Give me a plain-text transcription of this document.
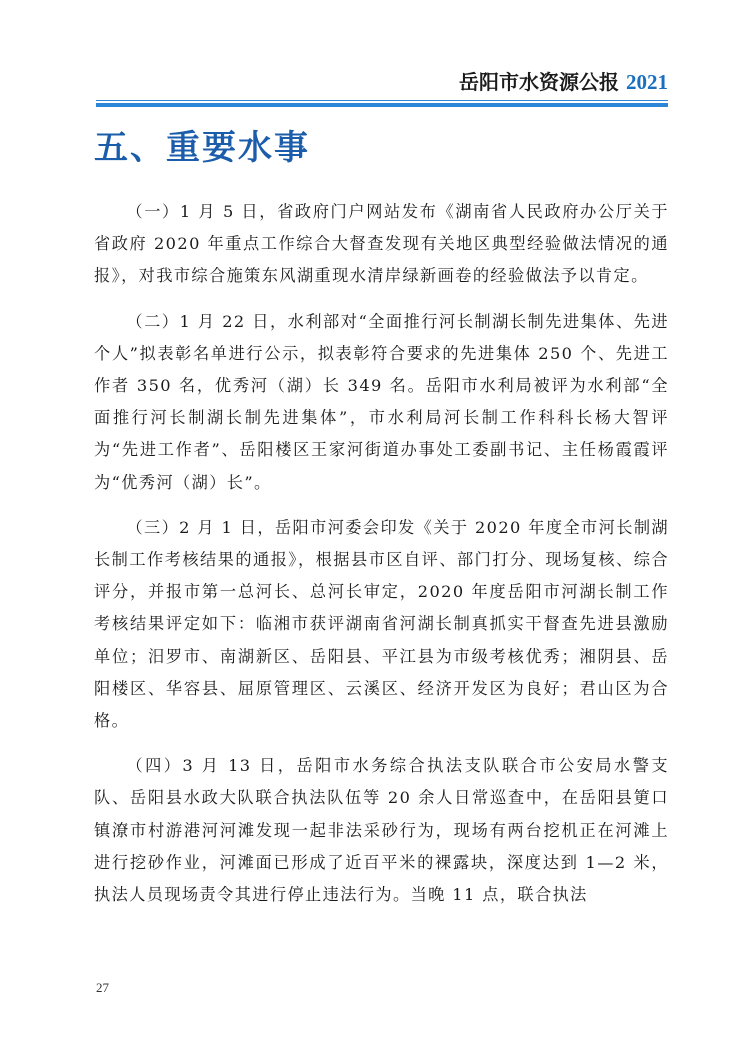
岳阳市水资源公报 2021
五、重要水事

（一）1 月 5 日，省政府门户网站发布《湖南省人民政府办公厅关于省政府 2020 年重点工作综合大督查发现有关地区典型经验做法情况的通报》，对我市综合施策东风湖重现水清岸绿新画卷的经验做法予以肯定。

（二）1 月 22 日，水利部对“全面推行河长制湖长制先进集体、先进个人”拟表彰名单进行公示，拟表彰符合要求的先进集体 250 个、先进工作者 350 名，优秀河（湖）长 349 名。岳阳市水利局被评为水利部“全面推行河长制湖长制先进集体”，市水利局河长制工作科科长杨大智评为“先进工作者”、岳阳楼区王家河街道办事处工委副书记、主任杨霞霞评为“优秀河（湖）长”。

（三）2 月 1 日，岳阳市河委会印发《关于 2020 年度全市河长制湖长制工作考核结果的通报》，根据县市区自评、部门打分、现场复核、综合评分，并报市第一总河长、总河长审定，2020 年度岳阳市河湖长制工作考核结果评定如下：临湘市获评湖南省河湖长制真抓实干督查先进县激励单位；汨罗市、南湖新区、岳阳县、平江县为市级考核优秀；湘阴县、岳阳楼区、华容县、屈原管理区、云溪区、经济开发区为良好；君山区为合格。

（四）3 月 13 日，岳阳市水务综合执法支队联合市公安局水警支队、岳阳县水政大队联合执法队伍等 20 余人日常巡查中，在岳阳县筻口镇潦市村游港河河滩发现一起非法采砂行为，现场有两台挖机正在河滩上进行挖砂作业，河滩面已形成了近百平米的裸露块，深度达到 1—2 米，执法人员现场责令其进行停止违法行为。当晚 11 点，联合执法

27
